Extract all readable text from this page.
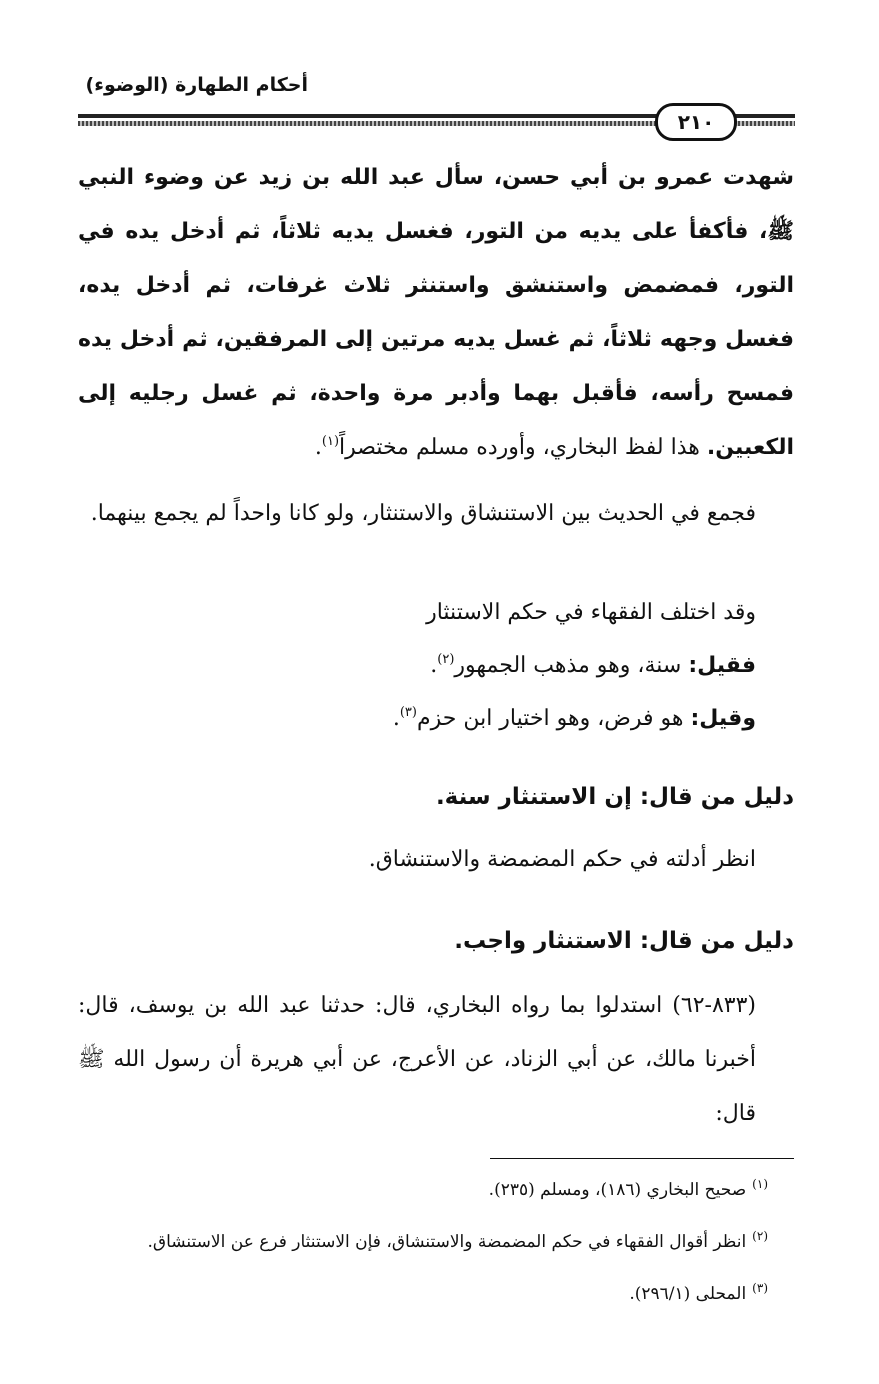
أحكام الطهارة (الوضوء)
٢١٠

شهدت عمرو بن أبي حسن، سأل عبد الله بن زيد عن وضوء النبي ﷺ، فأكفأ على يديه من التور، فغسل يديه ثلاثاً، ثم أدخل يده في التور، فمضمض واستنشق واستنثر ثلاث غرفات، ثم أدخل يده، فغسل وجهه ثلاثاً، ثم غسل يديه مرتين إلى المرفقين، ثم أدخل يده فمسح رأسه، فأقبل بهما وأدبر مرة واحدة، ثم غسل رجليه إلى الكعبين. هذا لفظ البخاري، وأورده مسلم مختصراً$^{(١)}$.

فجمع في الحديث بين الاستنشاق والاستنثار، ولو كانا واحداً لم يجمع بينهما.

وقد اختلف الفقهاء في حكم الاستنثار

فقيل: سنة، وهو مذهب الجمهور$^{(٢)}$.

وقيل: هو فرض، وهو اختيار ابن حزم$^{(٣)}$.

دليل من قال: إن الاستنثار سنة.

انظر أدلته في حكم المضمضة والاستنشاق.

دليل من قال: الاستنثار واجب.

(٨٣٣-٦٢) استدلوا بما رواه البخاري، قال: حدثنا عبد الله بن يوسف، قال: أخبرنا مالك، عن أبي الزناد، عن الأعرج، عن أبي هريرة أن رسول الله ﷺ قال:

$^{(١)}$صحيح البخاري (١٨٦)، ومسلم (٢٣٥).
$^{(٢)}$انظر أقوال الفقهاء في حكم المضمضة والاستنشاق، فإن الاستنثار فرع عن الاستنشاق.
$^{(٣)}$المحلى (٢٩٦/١).
